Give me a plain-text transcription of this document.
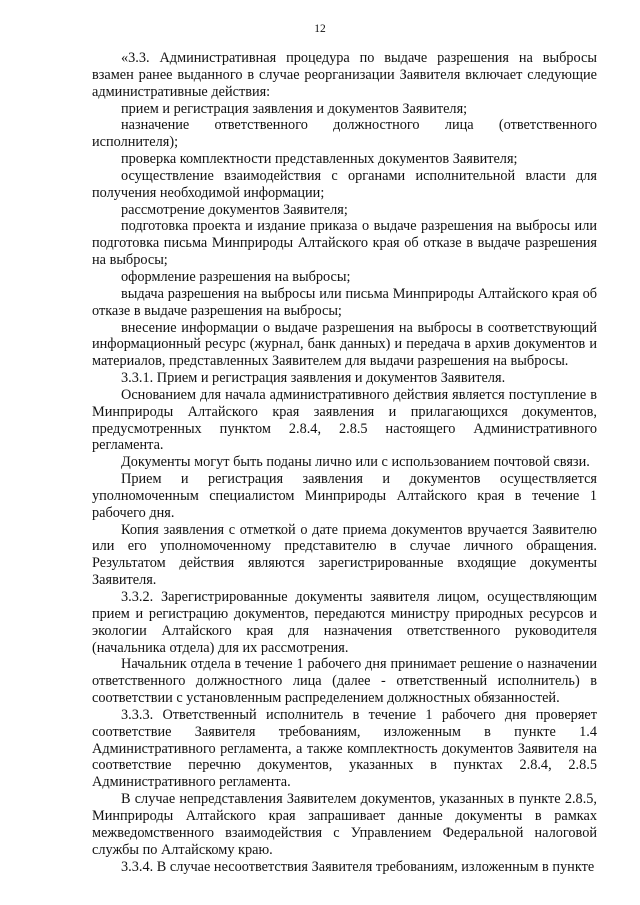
12

«3.3. Административная процедура по выдаче разрешения на выбросы взамен ранее выданного в случае реорганизации Заявителя включает следующие административные действия:

прием и регистрация заявления и документов Заявителя;

назначение ответственного должностного лица (ответственного исполнителя);

проверка комплектности представленных документов Заявителя;

осуществление взаимодействия с органами исполнительной власти для получения необходимой информации;

рассмотрение документов Заявителя;

подготовка проекта и издание приказа о выдаче разрешения на выбросы или подготовка письма Минприроды Алтайского края об отказе в выдаче разрешения на выбросы;

оформление разрешения на выбросы;

выдача разрешения на выбросы или письма Минприроды Алтайского края об отказе в выдаче разрешения на выбросы;

внесение информации о выдаче разрешения на выбросы в соответствующий информационный ресурс (журнал, банк данных) и передача в архив документов и материалов, представленных Заявителем для выдачи разрешения на выбросы.

3.3.1. Прием и регистрация заявления и документов Заявителя.

Основанием для начала административного действия является поступление в Минприроды Алтайского края заявления и прилагающихся документов, предусмотренных пунктом 2.8.4, 2.8.5 настоящего Административного регламента.

Документы могут быть поданы лично или с использованием почтовой связи.

Прием и регистрация заявления и документов осуществляется уполномоченным специалистом Минприроды Алтайского края в течение 1 рабочего дня.

Копия заявления с отметкой о дате приема документов вручается Заявителю или его уполномоченному представителю в случае личного обращения. Результатом действия являются зарегистрированные входящие документы Заявителя.

3.3.2. Зарегистрированные документы заявителя лицом, осуществляющим прием и регистрацию документов, передаются министру природных ресурсов и экологии Алтайского края для назначения ответственного руководителя (начальника отдела) для их рассмотрения.

Начальник отдела в течение 1 рабочего дня принимает решение о назначении ответственного должностного лица (далее - ответственный исполнитель) в соответствии с установленным распределением должностных обязанностей.

3.3.3. Ответственный исполнитель в течение 1 рабочего дня проверяет соответствие Заявителя требованиям, изложенным в пункте 1.4 Административного регламента, а также комплектность документов Заявителя на соответствие перечню документов, указанных в пунктах 2.8.4, 2.8.5 Административного регламента.

В случае непредставления Заявителем документов, указанных в пункте 2.8.5, Минприроды Алтайского края запрашивает данные документы в рамках межведомственного взаимодействия с Управлением Федеральной налоговой службы по Алтайскому краю.

3.3.4. В случае несоответствия Заявителя требованиям, изложенным в пункте
